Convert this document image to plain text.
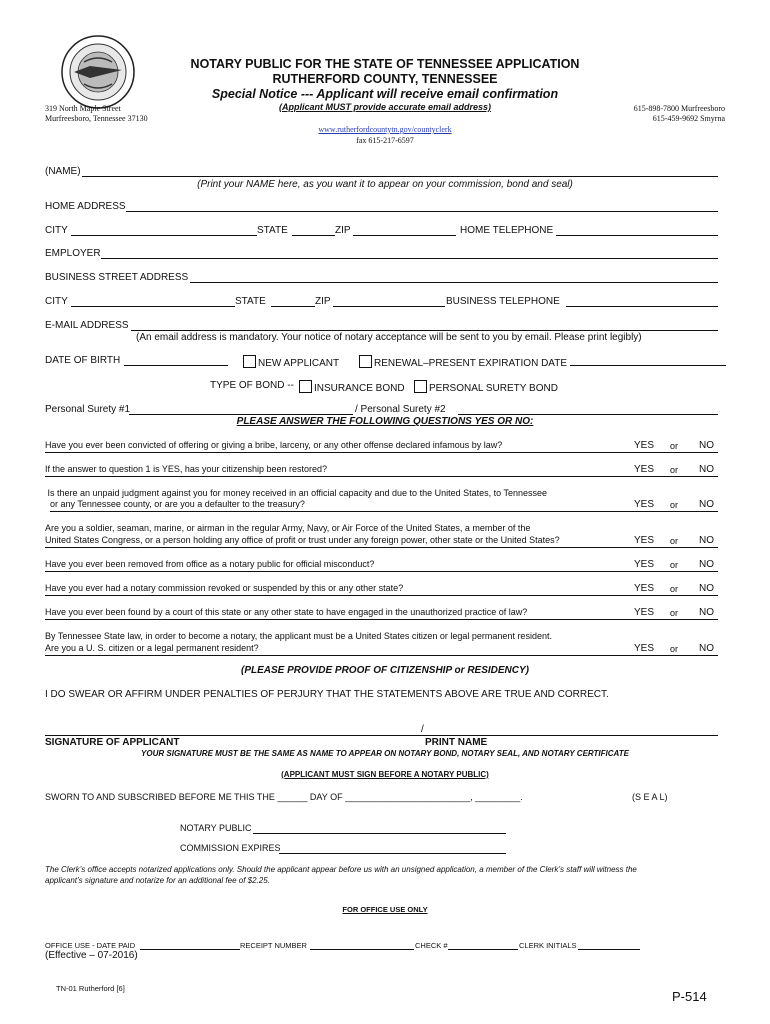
NOTARY PUBLIC FOR THE STATE OF TENNESSEE APPLICATION
RUTHERFORD COUNTY, TENNESSEE
Special Notice --- Applicant will receive email confirmation
(Applicant MUST provide accurate email address)
319 North Maple Street
Murfreesboro, Tennessee 37130
615-898-7800 Murfreesboro
615-459-9692 Smyrna
www.rutherfordcountytn.gov/countyclerk
fax 615-217-6597
(NAME)
(Print your NAME here, as you want it to appear on your commission, bond and seal)
HOME ADDRESS
CITY	STATE	ZIP	HOME TELEPHONE
EMPLOYER
BUSINESS STREET ADDRESS
CITY	STATE	ZIP	BUSINESS TELEPHONE
E-MAIL ADDRESS
(An email address is mandatory. Your notice of notary acceptance will be sent to you by email. Please print legibly)
DATE OF BIRTH	NEW APPLICANT	RENEWAL–PRESENT EXPIRATION DATE
TYPE OF BOND --	INSURANCE BOND	PERSONAL SURETY BOND
Personal Surety #1	/ Personal Surety #2
PLEASE ANSWER THE FOLLOWING QUESTIONS YES OR NO:
Have you ever been convicted of offering or giving a bribe, larceny, or any other offense declared infamous by law?	YES or NO
If the answer to question 1 is YES, has your citizenship been restored?	YES or NO
Is there an unpaid judgment against you for money received in an official capacity and due to the United States, to Tennessee
or any Tennessee county, or are you a defaulter to the treasury?	YES or NO
Are you a soldier, seaman, marine, or airman in the regular Army, Navy, or Air Force of the United States, a member of the
United States Congress, or a person holding any office of profit or trust under any foreign power, other state or the United States?	YES or NO
Have you ever been removed from office as a notary public for official misconduct?	YES or NO
Have you ever had a notary commission revoked or suspended by this or any other state?	YES or NO
Have you ever been found by a court of this state or any other state to have engaged in the unauthorized practice of law?	YES or NO
By Tennessee State law, in order to become a notary, the applicant must be a United States citizen or legal permanent resident.
Are you a U. S. citizen or a legal permanent resident?	YES or NO
(PLEASE PROVIDE PROOF OF CITIZENSHIP or RESIDENCY)
I DO SWEAR OR AFFIRM UNDER PENALTIES OF PERJURY THAT THE STATEMENTS ABOVE ARE TRUE AND CORRECT.
/
SIGNATURE OF APPLICANT	PRINT NAME
YOUR SIGNATURE MUST BE THE SAME AS NAME TO APPEAR ON NOTARY BOND, NOTARY SEAL, AND NOTARY CERTIFICATE
(APPLICANT MUST SIGN BEFORE A NOTARY PUBLIC)
SWORN TO AND SUBSCRIBED BEFORE ME THIS THE ______ DAY OF _________________________, _________.	(S E A L)
NOTARY PUBLIC
COMMISSION EXPIRES
The Clerk’s office accepts notarized applications only. Should the applicant appear before us with an unsigned application, a member of the Clerk’s staff will witness the
applicant’s signature and notarize for an additional fee of $2.25.
FOR OFFICE USE ONLY
OFFICE USE - DATE PAID	RECEIPT NUMBER	CHECK #	CLERK INITIALS
(Effective – 07-2016)
TN-01 Rutherford [6]
P-514
